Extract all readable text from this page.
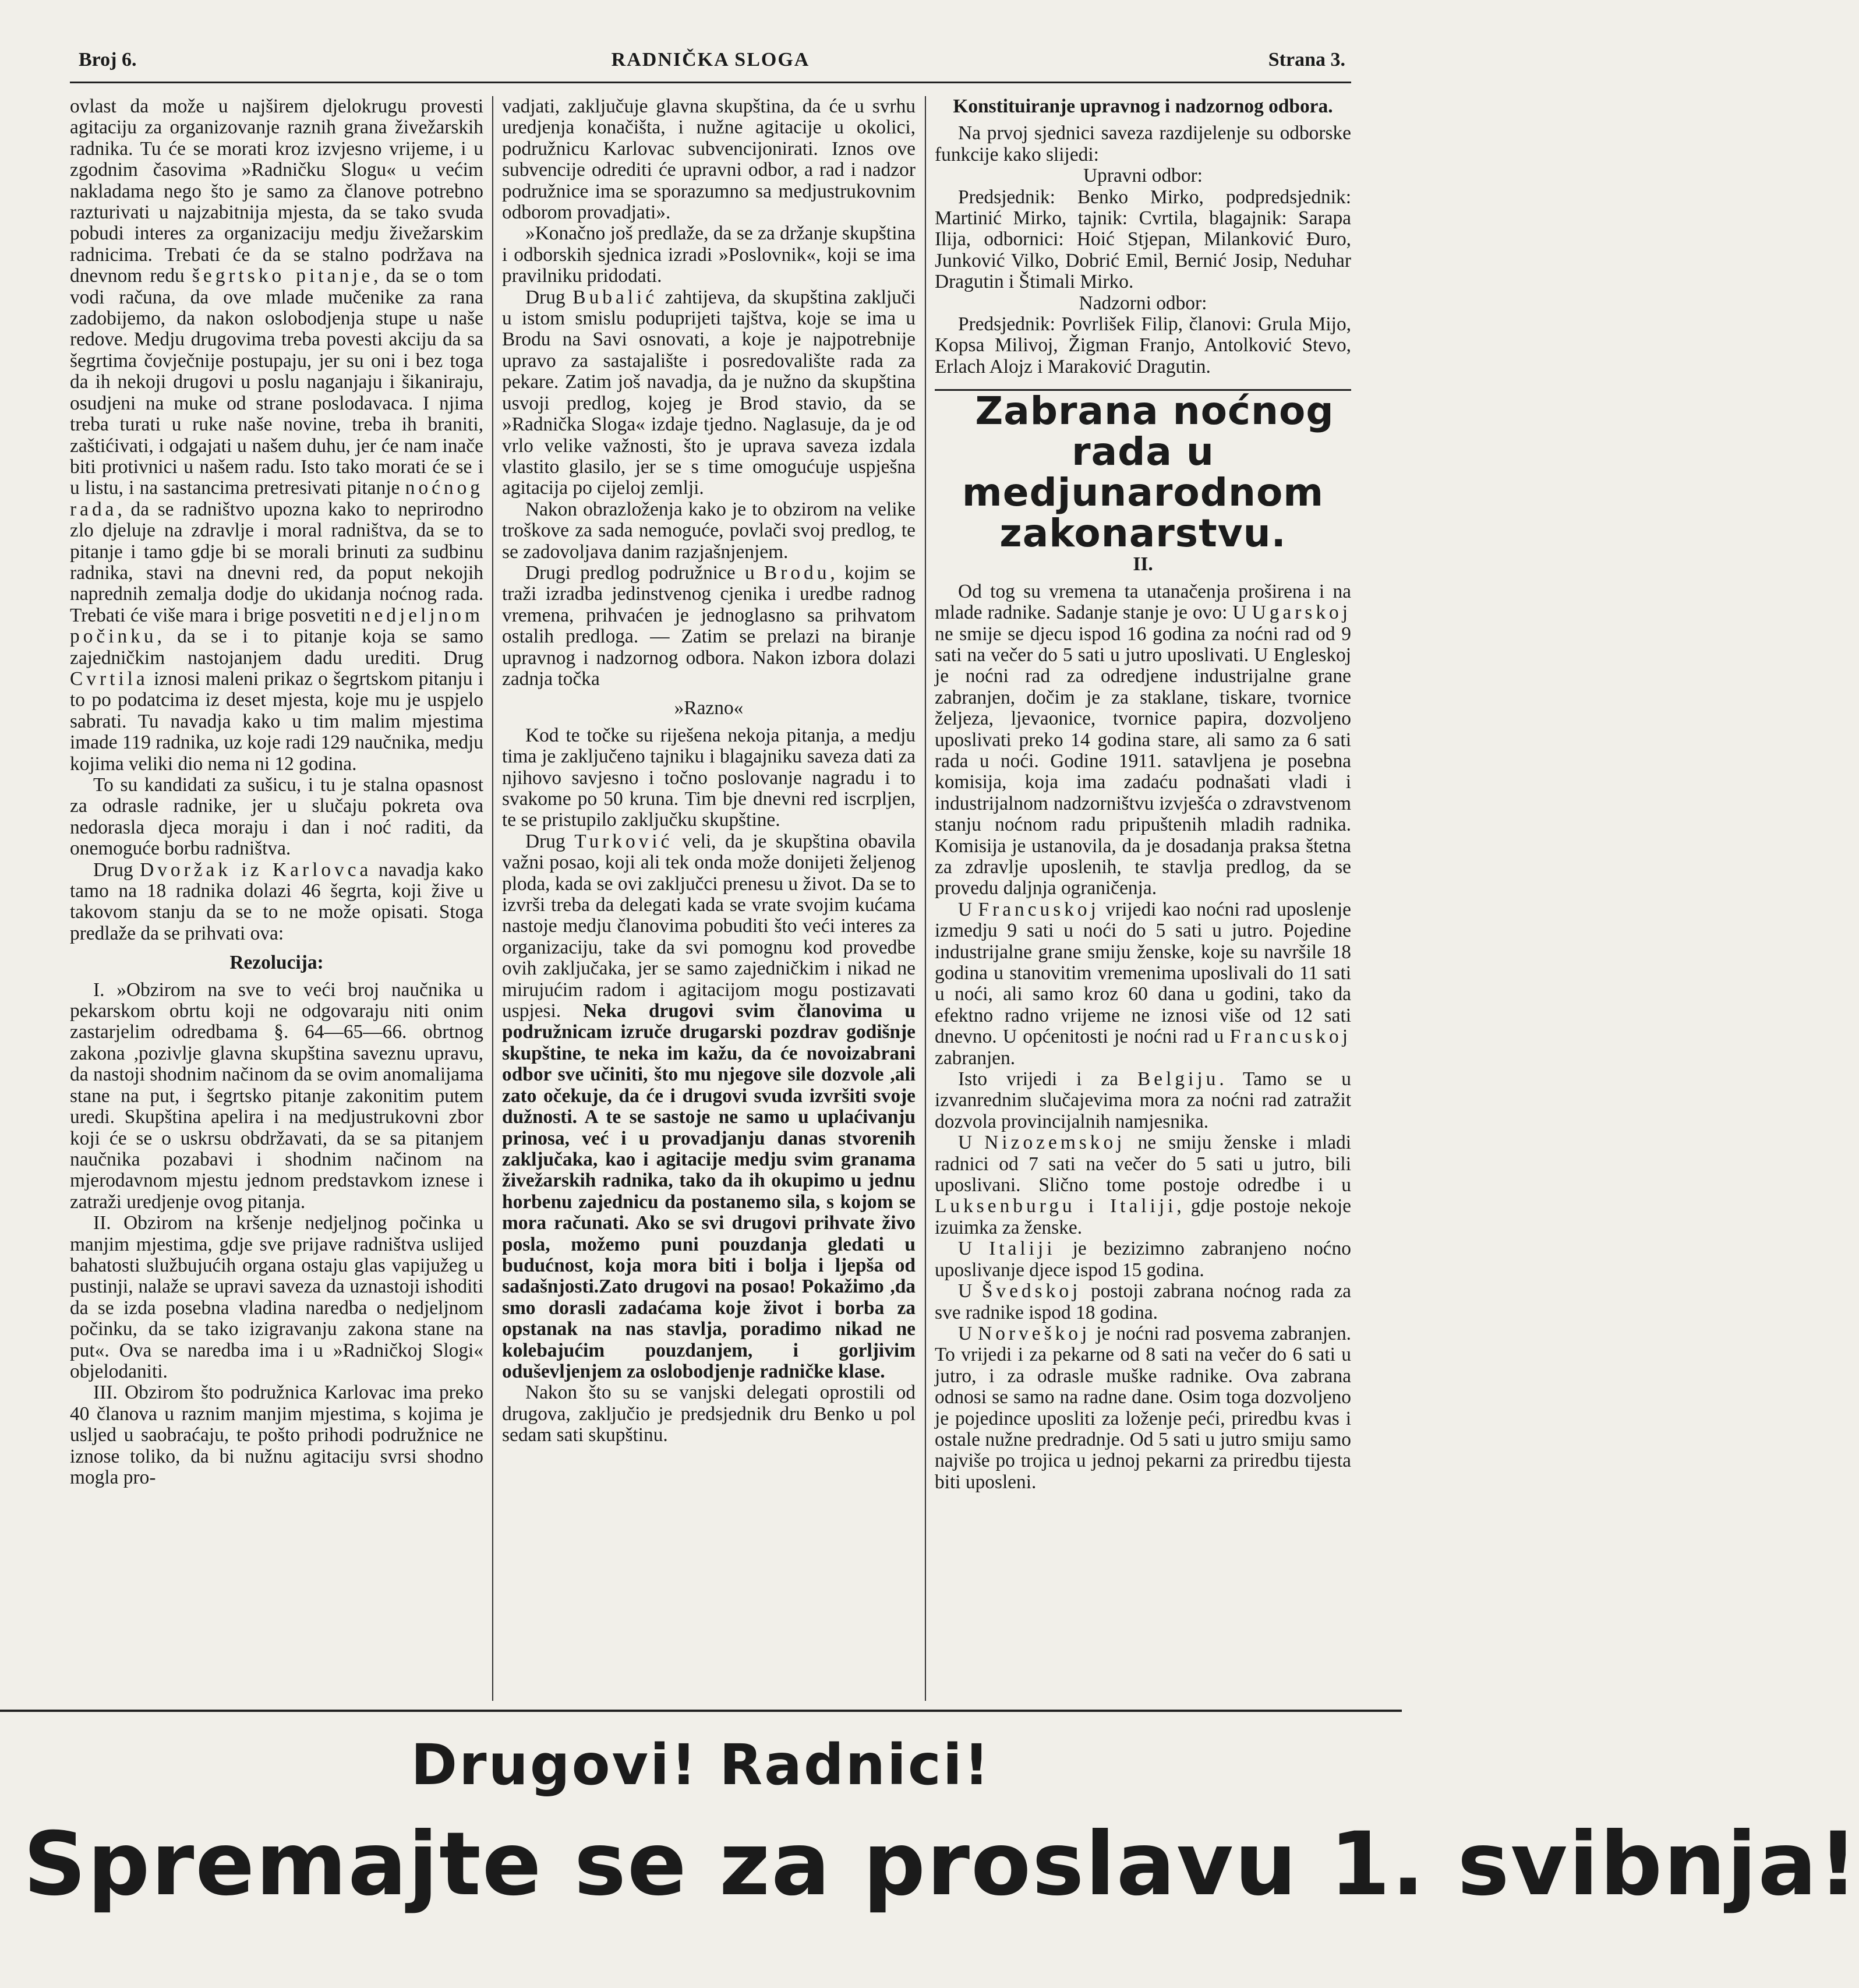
Broj 6.	RADNIČKA SLOGA	Strana 3.

ovlast da može u najširem djelokrugu provesti agitaciju za organizovanje raznih grana živežarskih radnika. Tu će se morati kroz izvjesno vrijeme, i u zgodnim časovima »Radničku Slogu« u većim nakladama nego što je samo za članove potrebno razturivati u najzabitnija mjesta, da se tako svuda pobudi interes za organizaciju medju živežarskim radnicima. Trebati će da se stalno podržava na dnevnom redu šegrtsko pitanje, da se o tom vodi računa, da ove mlade mučenike za rana zadobijemo, da nakon oslobodjenja stupe u naše redove. Medju drugovima treba povesti akciju da sa šegrtima čovječnije postupaju, jer su oni i bez toga da ih nekoji drugovi u poslu naganjaju i šikaniraju, osudjeni na muke od strane poslodavaca. I njima treba turati u ruke naše novine, treba ih braniti, zaštićivati, i odgajati u našem duhu, jer će nam inače biti protivnici u našem radu. Isto tako morati će se i u listu, i na sastancima pretresivati pitanje noćnog rada, da se radništvo upozna kako to neprirodno zlo djeluje na zdravlje i moral radništva, da se to pitanje i tamo gdje bi se morali brinuti za sudbinu radnika, stavi na dnevni red, da poput nekojih naprednih zemalja dodje do ukidanja noćnog rada. Trebati će više mara i brige posvetiti nedjeljnom počinku, da se i to pitanje koja se samo zajedničkim nastojanjem dadu urediti. Drug Cvrtila iznosi maleni prikaz o šegrtskom pitanju i to po podatcima iz deset mjesta, koje mu je uspjelo sabrati. Tu navadja kako u tim malim mjestima imade 119 radnika, uz koje radi 129 naučnika, medju kojima veliki dio nema ni 12 godina.

To su kandidati za sušicu, i tu je stalna opasnost za odrasle radnike, jer u slučaju pokreta ova nedorasla djeca moraju i dan i noć raditi, da onemoguće borbu radništva.

Drug Dvoržak iz Karlovca navadja kako tamo na 18 radnika dolazi 46 šegrta, koji žive u takovom stanju da se to ne može opisati. Stoga predlaže da se prihvati ova:

Rezolucija:

I. »Obzirom na sve to veći broj naučnika u pekarskom obrtu koji ne odgovaraju niti onim zastarjelim odredbama §. 64—65—66. obrtnog zakona ,pozivlje glavna skupština saveznu upravu, da nastoji shodnim načinom da se ovim anomalijama stane na put, i šegrtsko pitanje zakonitim putem uredi. Skupština apelira i na medjustrukovni zbor koji će se o uskrsu obdržavati, da se sa pitanjem naučnika pozabavi i shodnim načinom na mjerodavnom mjestu jednom predstavkom iznese i zatraži uredjenje ovog pitanja.

II. Obzirom na kršenje nedjeljnog počinka u manjim mjestima, gdje sve prijave radništva uslijed bahatosti službujućih organa ostaju glas vapijužeg u pustinji, nalaže se upravi saveza da uznastoji ishoditi da se izda posebna vladina naredba o nedjeljnom počinku, da se tako izigravanju zakona stane na put«. Ova se naredba ima i u »Radničkoj Slogi« objelodaniti.

III. Obzirom što podružnica Karlovac ima preko 40 članova u raznim manjim mjestima, s kojima je usljed u saobraćaju, te pošto prihodi podružnice ne iznose toliko, da bi nužnu agitaciju svrsi shodno mogla pro-

vadjati, zaključuje glavna skupština, da će u svrhu uredjenja konačišta, i nužne agitacije u okolici, podružnicu Karlovac subvencijonirati. Iznos ove subvencije odrediti će upravni odbor, a rad i nadzor podružnice ima se sporazumno sa medjustrukovnim odborom provadjati».

»Konačno još predlaže, da se za držanje skupština i odborskih sjednica izradi »Poslovnik«, koji se ima pravilniku pridodati.

Drug Bubalić zahtijeva, da skupština zaključi u istom smislu poduprijeti tajštva, koje se ima u Brodu na Savi osnovati, a koje je najpotrebnije upravo za sastajalište i posredovalište rada za pekare. Zatim još navadja, da je nužno da skupština usvoji predlog, kojeg je Brod stavio, da se »Radnička Sloga« izdaje tjedno. Naglasuje, da je od vrlo velike važnosti, što je uprava saveza izdala vlastito glasilo, jer se s time omogućuje uspješna agitacija po cijeloj zemlji.

Nakon obrazloženja kako je to obzirom na velike troškove za sada nemoguće, povlači svoj predlog, te se zadovoljava danim razjašnjenjem.

Drugi predlog podružnice u Brodu, kojim se traži izradba jedinstvenog cjenika i uredbe radnog vremena, prihvaćen je jednoglasno sa prihvatom ostalih predloga. — Zatim se prelazi na biranje upravnog i nadzornog odbora. Nakon izbora dolazi zadnja točka

»Razno«

Kod te točke su riješena nekoja pitanja, a medju tima je zaključeno tajniku i blagajniku saveza dati za njihovo savjesno i točno poslovanje nagradu i to svakome po 50 kruna. Tim bje dnevni red iscrpljen, te se pristupilo zaključku skupštine.

Drug Turković veli, da je skupština obavila važni posao, koji ali tek onda može donijeti željenog ploda, kada se ovi zaključci prenesu u život. Da se to izvrši treba da delegati kada se vrate svojim kućama nastoje medju članovima pobuditi što veći interes za organizaciju, take da svi pomognu kod provedbe ovih zaključaka, jer se samo zajedničkim i nikad ne mirujućim radom i agitacijom mogu postizavati uspjesi. Neka drugovi svim članovima u podružnicam izruče drugarski pozdrav godišnje skupštine, te neka im kažu, da će novoizabrani odbor sve učiniti, što mu njegove sile dozvole ,ali zato očekuje, da će i drugovi svuda izvršiti svoje dužnosti. A te se sastoje ne samo u uplaćivanju prinosa, već i u provadjanju danas stvorenih zaključaka, kao i agitacije medju svim granama živežarskih radnika, tako da ih okupimo u jednu horbenu zajednicu da postanemo sila, s kojom se mora računati. Ako se svi drugovi prihvate živo posla, možemo puni pouzdanja gledati u budućnost, koja mora biti i bolja i ljepša od sadašnjosti.Zato drugovi na posao! Pokažimo ,da smo dorasli zadaćama koje život i borba za opstanak na nas stavlja, poradimo nikad ne kolebajućim pouzdanjem, i gorljivim oduševljenjem za oslobodjenje radničke klase.

Nakon što su se vanjski delegati oprostili od drugova, zaključio je predsjednik dru Benko u pol sedam sati skupštinu.

Konstituiranje upravnog i nadzornog odbora.

Na prvoj sjednici saveza razdijelenje su odborske funkcije kako slijedi:

Upravni odbor:

Predsjednik: Benko Mirko, podpredsjednik: Martinić Mirko, tajnik: Cvrtila, blagajnik: Sarapa Ilija, odbornici: Hoić Stjepan, Milanković Đuro, Junković Vilko, Dobrić Emil, Bernić Josip, Neduhar Dragutin i Štimali Mirko.

Nadzorni odbor:

Predsjednik: Povrlišek Filip, članovi: Grula Mijo, Kopsa Milivoj, Žigman Franjo, Antolković Stevo, Erlach Alojz i Maraković Dragutin.

Zabrana noćnog rada u medjunarodnom zakonarstvu.

II.

Od tog su vremena ta utanačenja proširena i na mlade radnike. Sadanje stanje je ovo: U Ugarskoj ne smije se djecu ispod 16 godina za noćni rad od 9 sati na večer do 5 sati u jutro uposlivati. U Engleskoj je noćni rad za odredjene industrijalne grane zabranjen, dočim je za staklane, tiskare, tvornice željeza, ljevaonice, tvornice papira, dozvoljeno uposlivati preko 14 godina stare, ali samo za 6 sati rada u noći. Godine 1911. satavljena je posebna komisija, koja ima zadaću podnašati vladi i industrijalnom nadzorništvu izvješća o zdravstvenom stanju noćnom radu pripuštenih mladih radnika. Komisija je ustanovila, da je dosadanja praksa štetna za zdravlje uposlenih, te stavlja predlog, da se provedu daljnja ograničenja.

U Francuskoj vrijedi kao noćni rad uposlenje izmedju 9 sati u noći do 5 sati u jutro. Pojedine industrijalne grane smiju ženske, koje su navršile 18 godina u stanovitim vremenima uposlivali do 11 sati u noći, ali samo kroz 60 dana u godini, tako da efektno radno vrijeme ne iznosi više od 12 sati dnevno. U općenitosti je noćni rad u Francuskoj zabranjen.

Isto vrijedi i za Belgiju. Tamo se u izvanrednim slučajevima mora za noćni rad zatražit dozvola provincijalnih namjesnika.

U Nizozemskoj ne smiju ženske i mladi radnici od 7 sati na večer do 5 sati u jutro, bili uposlivani. Slično tome postoje odredbe i u Luksenburgu i Italiji, gdje postoje nekoje izuimka za ženske.

U Italiji je bezizimno zabranjeno noćno uposlivanje djece ispod 15 godina.

U Švedskoj postoji zabrana noćnog rada za sve radnike ispod 18 godina.

U Norveškoj je noćni rad posvema zabranjen. To vrijedi i za pekarne od 8 sati na večer do 6 sati u jutro, i za odrasle muške radnike. Ova zabrana odnosi se samo na radne dane. Osim toga dozvoljeno je pojedince uposliti za loženje peći, priredbu kvas i ostale nužne predradnje. Od 5 sati u jutro smiju samo najviše po trojica u jednoj pekarni za priredbu tijesta biti uposleni.

Drugovi! Radnici!
Spremajte se za proslavu 1. svibnja!
